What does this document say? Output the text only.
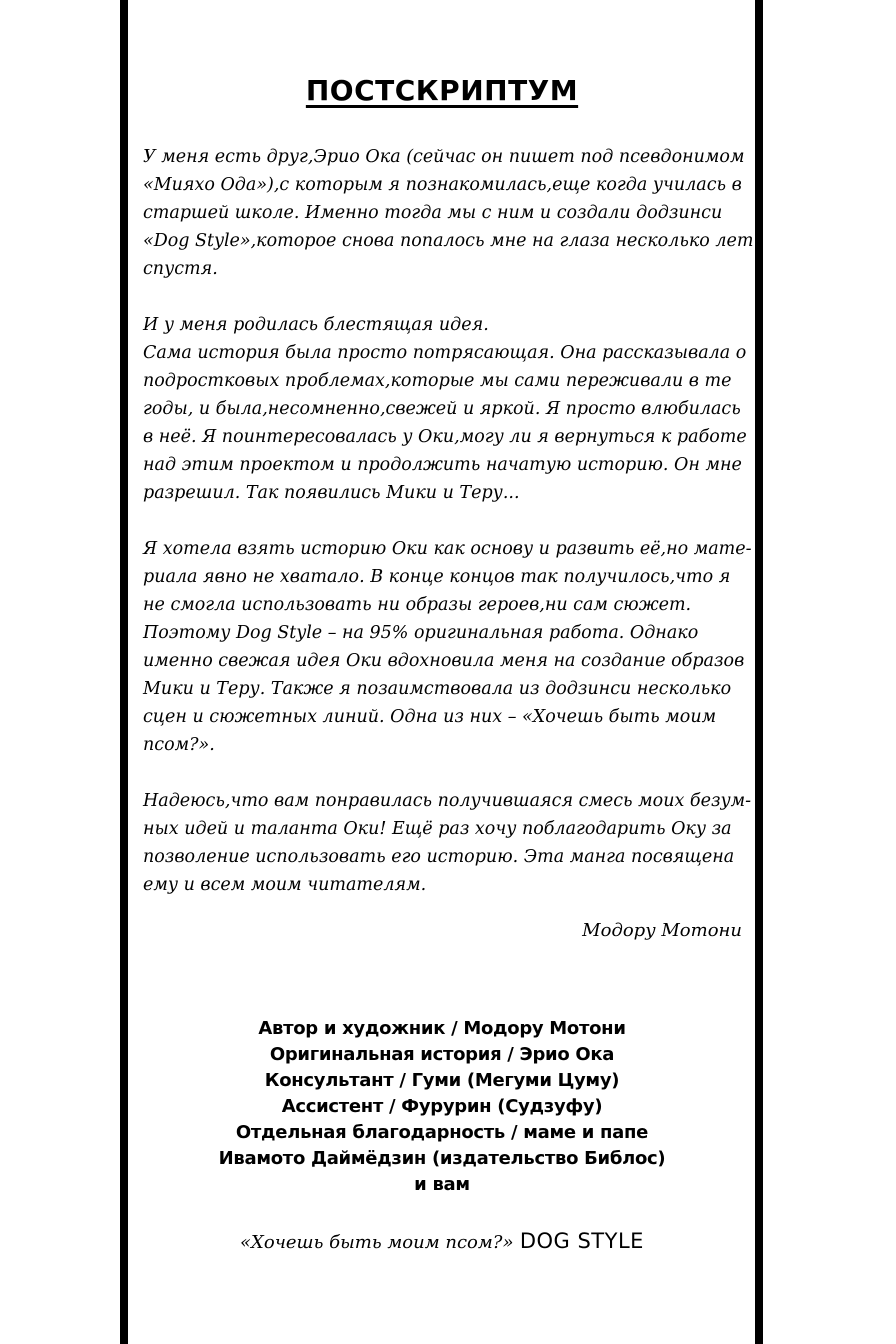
ПОСТСКРИПТУМ

У меня есть друг,Эрио Ока (сейчас он пишет под псевдонимом
«Мияхо Ода»),с которым я познакомилась,еще когда училась в
старшей школе. Именно тогда мы с ним и создали додзинси
«Dog Style»,которое снова попалось мне на глаза несколько лет
спустя.

И у меня родилась блестящая идея.
Сама история была просто потрясающая. Она рассказывала о
подростковых проблемах,которые мы сами переживали в те
годы, и была,несомненно,свежей и яркой. Я просто влюбилась
в неё. Я поинтересовалась у Оки,могу ли я вернуться к работе
над этим проектом и продолжить начатую историю. Он мне
разрешил. Так появились Мики и Теру...

Я хотела взять историю Оки как основу и развить её,но мате-
риала явно не хватало. В конце концов так получилось,что я
не смогла использовать ни образы героев,ни сам сюжет.
Поэтому Dog Style – на 95% оригинальная работа. Однако
именно свежая идея Оки вдохновила меня на создание образов
Мики и Теру. Также я позаимствовала из додзинси несколько
сцен и сюжетных линий. Одна из них – «Хочешь быть моим
псом?».

Надеюсь,что вам понравилась получившаяся смесь моих безум-
ных идей и таланта Оки! Ещё раз хочу поблагодарить Оку за
позволение использовать его историю. Эта манга посвящена
ему и всем моим читателям.

Модору Мотони
Автор и художник / Модору Мотони
Оригинальная история / Эрио Ока
Консультант / Гуми (Мегуми Цуму)
Ассистент / Фурурин (Судзуфу)
Отдельная благодарность / маме и папе
Ивамото Даймёдзин (издательство Библос)
и вам
«Хочешь быть моим псом?» DOG STYLE
